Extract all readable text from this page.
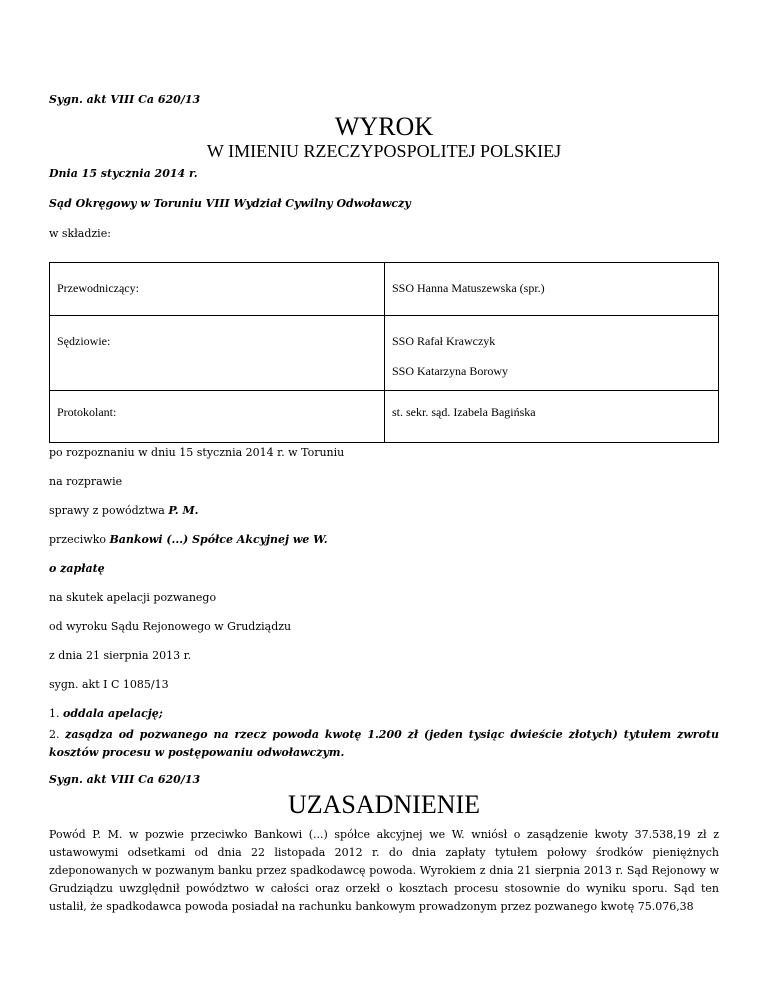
Sygn. akt VIII Ca 620/13
WYROK
W IMIENIU RZECZYPOSPOLITEJ POLSKIEJ
Dnia 15 stycznia 2014 r.
Sąd Okręgowy w Toruniu VIII Wydział Cywilny Odwoławczy
w składzie:
Przewodniczący:	SSO Hanna Matuszewska (spr.)
Sędziowie:	SSO Rafał Krawczyk
SSO Katarzyna Borowy

Protokolant:	st. sekr. sąd. Izabela Bagińska
po rozpoznaniu w dniu 15 stycznia 2014 r. w Toruniu
na rozprawie
sprawy z powództwa P. M.
przeciwko Bankowi (...) Spółce Akcyjnej we W.
o zapłatę
na skutek apelacji pozwanego
od wyroku Sądu Rejonowego w Grudziądzu
z dnia 21 sierpnia 2013 r.
sygn. akt I C 1085/13
1. oddala apelację;
2. zasądza od pozwanego na rzecz powoda kwotę 1.200 zł (jeden tysiąc dwieście złotych) tytułem zwrotu kosztów procesu w postępowaniu odwoławczym.
Sygn. akt VIII Ca 620/13
UZASADNIENIE
Powód P. M. w pozwie przeciwko Bankowi (...) spółce akcyjnej we W. wniósł o zasądzenie kwoty 37.538,19 zł z ustawowymi odsetkami od dnia 22 listopada 2012 r. do dnia zapłaty tytułem połowy środków pieniężnych zdeponowanych w pozwanym banku przez spadkodawcę powoda. Wyrokiem z dnia 21 sierpnia 2013 r. Sąd Rejonowy w Grudziądzu uwzględnił powództwo w całości oraz orzekł o kosztach procesu stosownie do wyniku sporu. Sąd ten ustalił, że spadkodawca powoda posiadał na rachunku bankowym prowadzonym przez pozwanego kwotę 75.076,38
